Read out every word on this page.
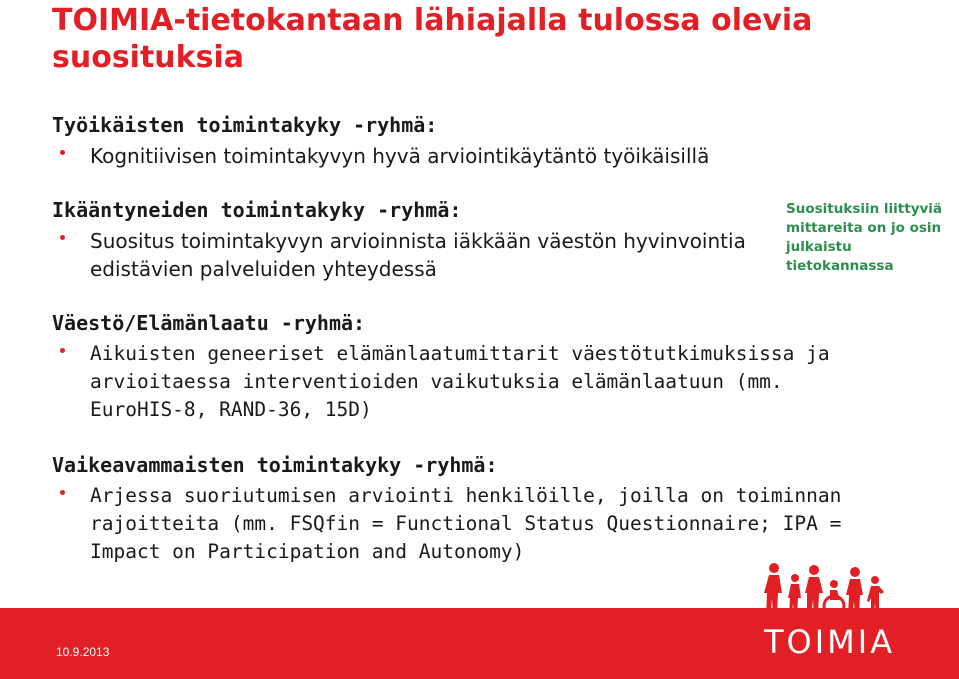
TOIMIA-tietokantaan lähiajalla tulossa olevia suosituksia

Työikäisten toimintakyky -ryhmä:

Kognitiivisen toimintakyvyn hyvä arviointikäytäntö työikäisillä

Ikääntyneiden toimintakyky -ryhmä:

Suositus toimintakyvyn arvioinnista iäkkään väestön hyvinvointia edistävien palveluiden yhteydessä

Väestö/Elämänlaatu -ryhmä:

Aikuisten geneeriset elämänlaatumittarit väestötutkimuksissa ja arvioitaessa interventioiden vaikutuksia elämänlaatuun (mm. EuroHIS-8, RAND-36, 15D)

Vaikeavammaisten toimintakyky -ryhmä:

Arjessa suoriutumisen arviointi henkilöille, joilla on toiminnan rajoitteita (mm. FSQfin = Functional Status Questionnaire; IPA = Impact on Participation and Autonomy)
Suosituksiin liittyviä mittareita on jo osin julkaistu tietokannassa
10.9.2013	TOIMIA
